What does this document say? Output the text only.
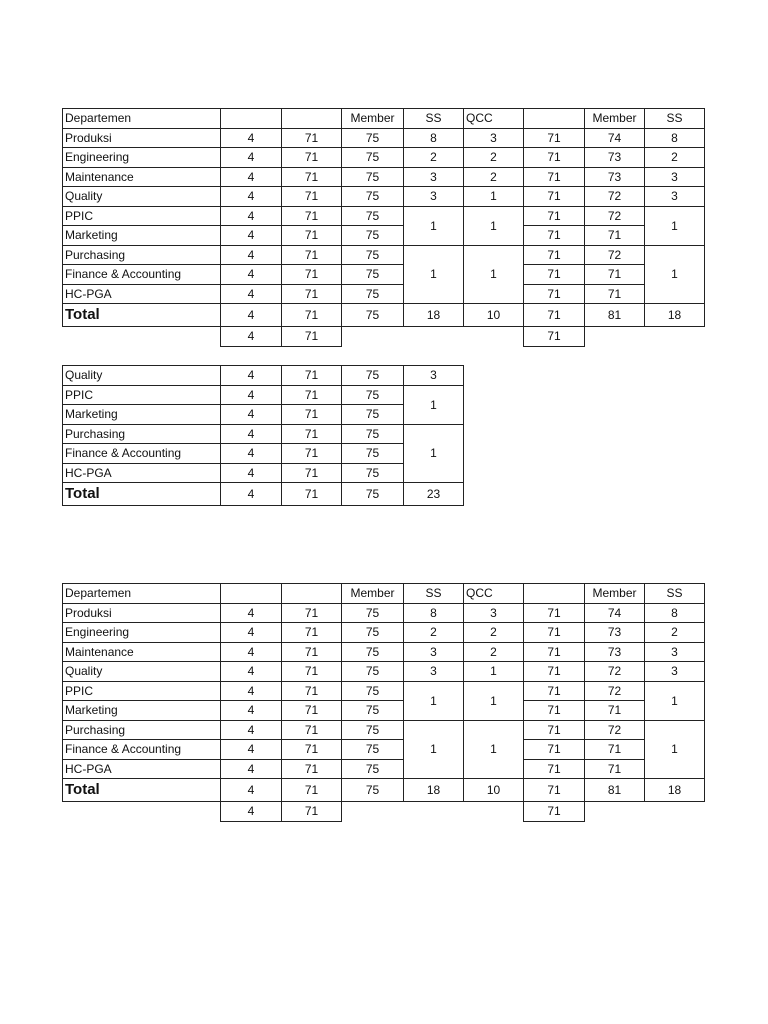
Departemen			Member	SS	QCC		Member	SS
Produksi	4	71	75	8	3	71	74	8
Engineering	4	71	75	2	2	71	73	2
Maintenance	4	71	75	3	2	71	73	3
Quality	4	71	75	3	1	71	72	3
PPIC	4	71	75	1	1	71	72	1
Marketing	4	71	75			71	71	
Purchasing	4	71	75	1	1	71	72	1
Finance & Accounting	4	71	75			71	71	
HC-PGA	4	71	75			71	71	
Total	4	71	75	18	10	71	81	18
	4	71				71		
Quality	4	71	75	3
PPIC	4	71	75	1
Marketing	4	71	75	
Purchasing	4	71	75	1
Finance & Accounting	4	71	75	
HC-PGA	4	71	75	
Total	4	71	75	23
Departemen			Member	SS	QCC		Member	SS
Produksi	4	71	75	8	3	71	74	8
Engineering	4	71	75	2	2	71	73	2
Maintenance	4	71	75	3	2	71	73	3
Quality	4	71	75	3	1	71	72	3
PPIC	4	71	75	1	1	71	72	1
Marketing	4	71	75			71	71	
Purchasing	4	71	75	1	1	71	72	1
Finance & Accounting	4	71	75			71	71	
HC-PGA	4	71	75			71	71	
Total	4	71	75	18	10	71	81	18
	4	71				71		
